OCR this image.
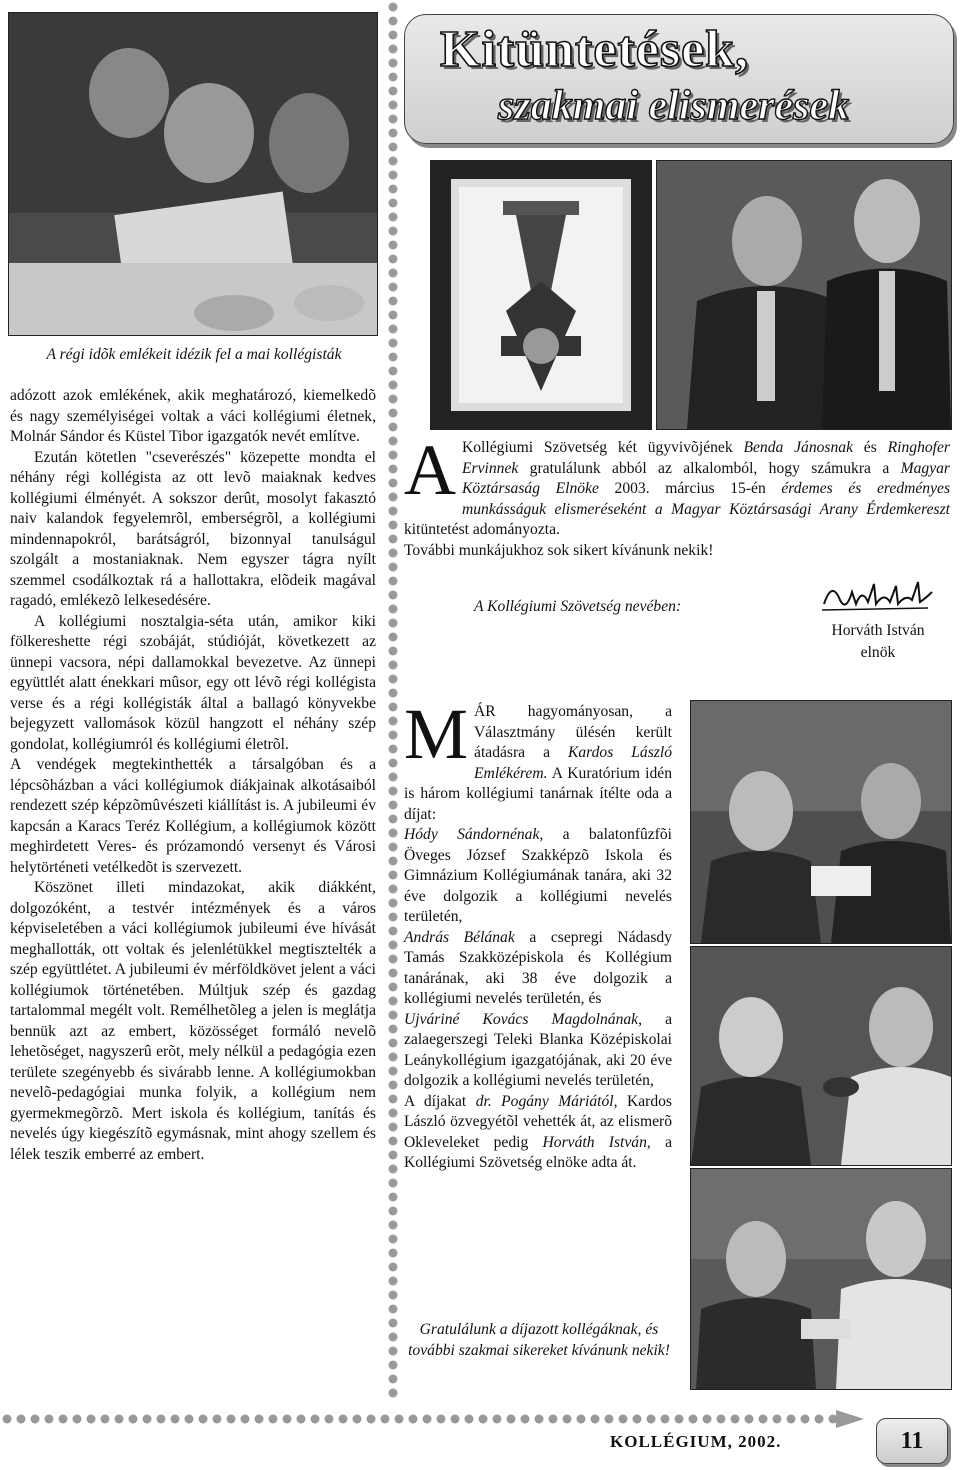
Kitüntetések,
szakmai elismerések
A régi idõk emlékeit idézik fel a mai kollégisták

adózott azok emlékének, akik meghatározó, kiemelkedõ és nagy személyiségei voltak a váci kollégiumi életnek, Molnár Sándor és Küstel Tibor igazgatók nevét említve.

Ezután kötetlen "cseverészés" közepette mondta el néhány régi kollégista az ott levõ maiaknak kedves kollégiumi élményét. A sokszor derût, mosolyt fakasztó naiv kalandok fegyelemrõl, emberségrõl, a kollégiumi mindennapokról, barátságról, bizonnyal tanulságul szolgált a mostaniaknak. Nem egyszer tágra nyílt szemmel csodálkoztak rá a hallottakra, elõdeik magával ragadó, emlékezõ lelkesedésére.

A kollégiumi nosztalgia-séta után, amikor kiki fölkereshette régi szobáját, stúdióját, következett az ünnepi vacsora, népi dallamokkal bevezetve. Az ünnepi együttlét alatt énekkari mûsor, egy ott lévõ régi kollégista verse és a régi kollégisták által a ballagó könyvekbe bejegyzett vallomások közül hangzott el néhány szép gondolat, kollégiumról és kollégiumi életrõl.

A vendégek megtekinthették a társalgóban és a lépcsõházban a váci kollégiumok diákjainak alkotásaiból rendezett szép képzõmûvészeti kiállítást is. A jubileumi év kapcsán a Karacs Teréz Kollégium, a kollégiumok között meghirdetett Veres- és prózamondó versenyt és Városi helytörténeti vetélkedõt is szervezett.

Köszönet illeti mindazokat, akik diákként, dolgozóként, a testvér intézmények és a város képviseletében a váci kollégiumok jubileumi éve hívását meghallották, ott voltak és jelenlétükkel megtisztelték a szép együttlétet. A jubileumi év mérföldkövet jelent a váci kollégiumok történetében. Múltjuk szép és gazdag tartalommal megélt volt. Remélhetõleg a jelen is meglátja bennük azt az embert, közösséget formáló nevelõ lehetõséget, nagyszerû erõt, mely nélkül a pedagógia ezen területe szegényebb és sivárabb lenne. A kollégiumokban nevelõ-pedagógiai munka folyik, a kollégium nem gyermekmegõrzõ. Mert iskola és kollégium, tanítás és nevelés úgy kiegészítõ egymásnak, mint ahogy szellem és lélek teszik emberré az embert.

A Kollégiumi Szövetség két ügyvivõjének Benda Jánosnak és Ringhofer Ervinnek gratulálunk abból az alkalomból, hogy számukra a Magyar Köztársaság Elnöke 2003. március 15-én érdemes és eredményes munkásságuk elismeréseként a Magyar Köztársasági Arany Érdemkereszt kitüntetést adományozta.

További munkájukhoz sok sikert kívánunk nekik!

A Kollégiumi Szövetség nevében:
Horváth István
elnök
M ÁR hagyományosan, a Választmány ülésén került átadásra a Kardos László Emlékérem. A Kuratórium idén is három kollégiumi tanárnak ítélte oda a díjat:

Hódy Sándornénak, a balatonfûzfõi Öveges József Szakképzõ Iskola és Gimnázium Kollégiumának tanára, aki 32 éve dolgozik a kollégiumi nevelés területén,

András Bélának a csepregi Nádasdy Tamás Szakközépiskola és Kollégium tanárának, aki 38 éve dolgozik a kollégiumi nevelés területén, és

Ujváriné Kovács Magdolnának, a zalaegerszegi Teleki Blanka Középiskolai Leánykollégium igazgatójának, aki 20 éve dolgozik a kollégiumi nevelés területén,

A díjakat dr. Pogány Máriától, Kardos László özvegyétõl vehették át, az elismerõ Okleveleket pedig Horváth István, a Kollégiumi Szövetség elnöke adta át.

Gratulálunk a díjazott kollégáknak, és további szakmai sikereket kívánunk nekik!
KOLLÉGIUM, 2002.	11
